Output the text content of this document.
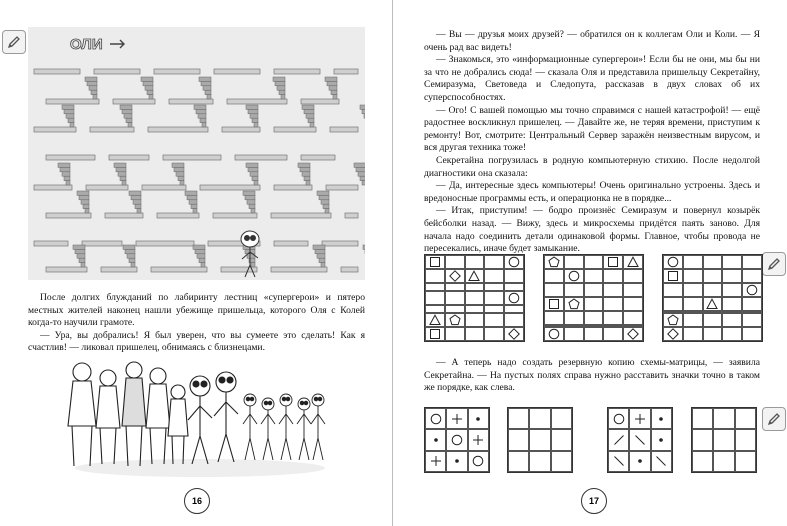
ОЛИ

После долгих блужданий по лабиринту лестниц «супергерои» и пятеро местных жителей наконец нашли убежище пришельца, которого Оля с Колей когда-то научили грамоте.

— Ура, вы добрались! Я был уверен, что вы сумеете это сделать! Как я счастлив! — ликовал пришелец, обнимаясь с близнецами.

16

— Вы — друзья моих друзей? — обратился он к коллегам Оли и Коли. — Я очень рад вас видеть!

— Знакомься, это «информационные супергерои»! Если бы не они, мы бы ни за что не добрались сюда! — сказала Оля и представила пришельцу Секретайну, Семиразума, Световеда и Следопута, рассказав в двух словах об их суперспособностях.

— Ого! С вашей помощью мы точно справимся с нашей катастрофой! — ещё радостнее воскликнул пришелец. — Давайте же, не теряя времени, приступим к ремонту! Вот, смотрите: Центральный Сервер заражён неизвестным вирусом, и вся другая техника тоже!

Секретайна погрузилась в родную компьютерную стихию. После недолгой диагностики она сказала:

— Да, интересные здесь компьютеры! Очень оригинально устроены. Здесь и вредоносные программы есть, и операционка не в порядке...

— Итак, приступим! — бодро произнёс Семиразум и повернул козырёк бейсболки назад. — Вижу, здесь и микросхемы придётся паять заново. Для начала надо соединить детали одинаковой формы. Главное, чтобы провода не пересекались, иначе будет замыкание.

— А теперь надо создать резервную копию схемы-матрицы, — заявила Секретайна. — На пустых полях справа нужно расставить значки точно в таком же порядке, как слева.

17
